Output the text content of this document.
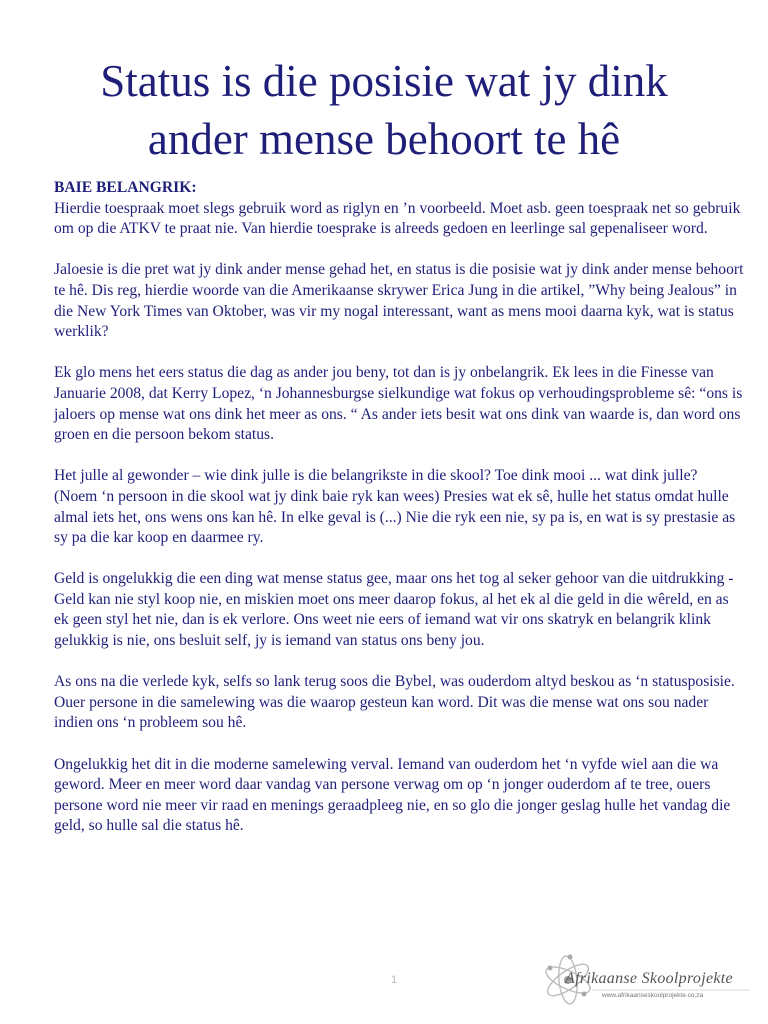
Status is die posisie wat jy dink
ander mense behoort te hê

BAIE BELANGRIK:
Hierdie toespraak moet slegs gebruik word as riglyn en ’n voorbeeld. Moet asb. geen toespraak net so gebruik om op die ATKV te praat nie. Van hierdie toesprake is alreeds gedoen en leerlinge sal gepenaliseer word.

Jaloesie is die pret wat jy dink ander mense gehad het, en status is die posisie wat jy dink ander mense behoort te hê. Dis reg, hierdie woorde van die Amerikaanse skrywer Erica Jung in die artikel, ”Why being Jealous” in die New York Times van Oktober, was vir my nogal interessant, want as mens mooi daarna kyk, wat is status werklik?

Ek glo mens het eers status die dag as ander jou beny, tot dan is jy onbelangrik. Ek lees in die Finesse van Januarie 2008, dat Kerry Lopez, ‘n Johannesburgse sielkundige wat fokus op verhoudingsprobleme sê: “ons is jaloers op mense wat ons dink het meer as ons. “ As ander iets besit wat ons dink van waarde is, dan word ons groen en die persoon bekom status.

Het julle al gewonder – wie dink julle is die belangrikste in die skool? Toe dink mooi ... wat dink julle? (Noem ‘n persoon in die skool wat jy dink baie ryk kan wees) Presies wat ek sê, hulle het status omdat hulle almal iets het, ons wens ons kan hê. In elke geval is (...) Nie die ryk een nie, sy pa is, en wat is sy prestasie as sy pa die kar koop en daarmee ry.

Geld is ongelukkig die een ding wat mense status gee, maar ons het tog al seker gehoor van die uitdrukking - Geld kan nie styl koop nie, en miskien moet ons meer daarop fokus, al het ek al die geld in die wêreld, en as ek geen styl het nie, dan is ek verlore. Ons weet nie eers of iemand wat vir ons skatryk en belangrik klink gelukkig is nie, ons besluit self, jy is iemand van status ons beny jou.

As ons na die verlede kyk, selfs so lank terug soos die Bybel, was ouderdom altyd beskou as ‘n statusposisie. Ouer persone in die samelewing was die waarop gesteun kan word. Dit was die mense wat ons sou nader indien ons ‘n probleem sou hê.

Ongelukkig het dit in die moderne samelewing verval. Iemand van ouderdom het ‘n vyfde wiel aan die wa geword. Meer en meer word daar vandag van persone verwag om op ‘n jonger ouderdom af te tree, ouers persone word nie meer vir raad en menings geraadpleeg nie, en so glo die jonger geslag hulle het vandag die geld, so hulle sal die status hê.

1	Afrikaanse Skoolprojekte
www.afrikaanseskoolprojekte.co.za
